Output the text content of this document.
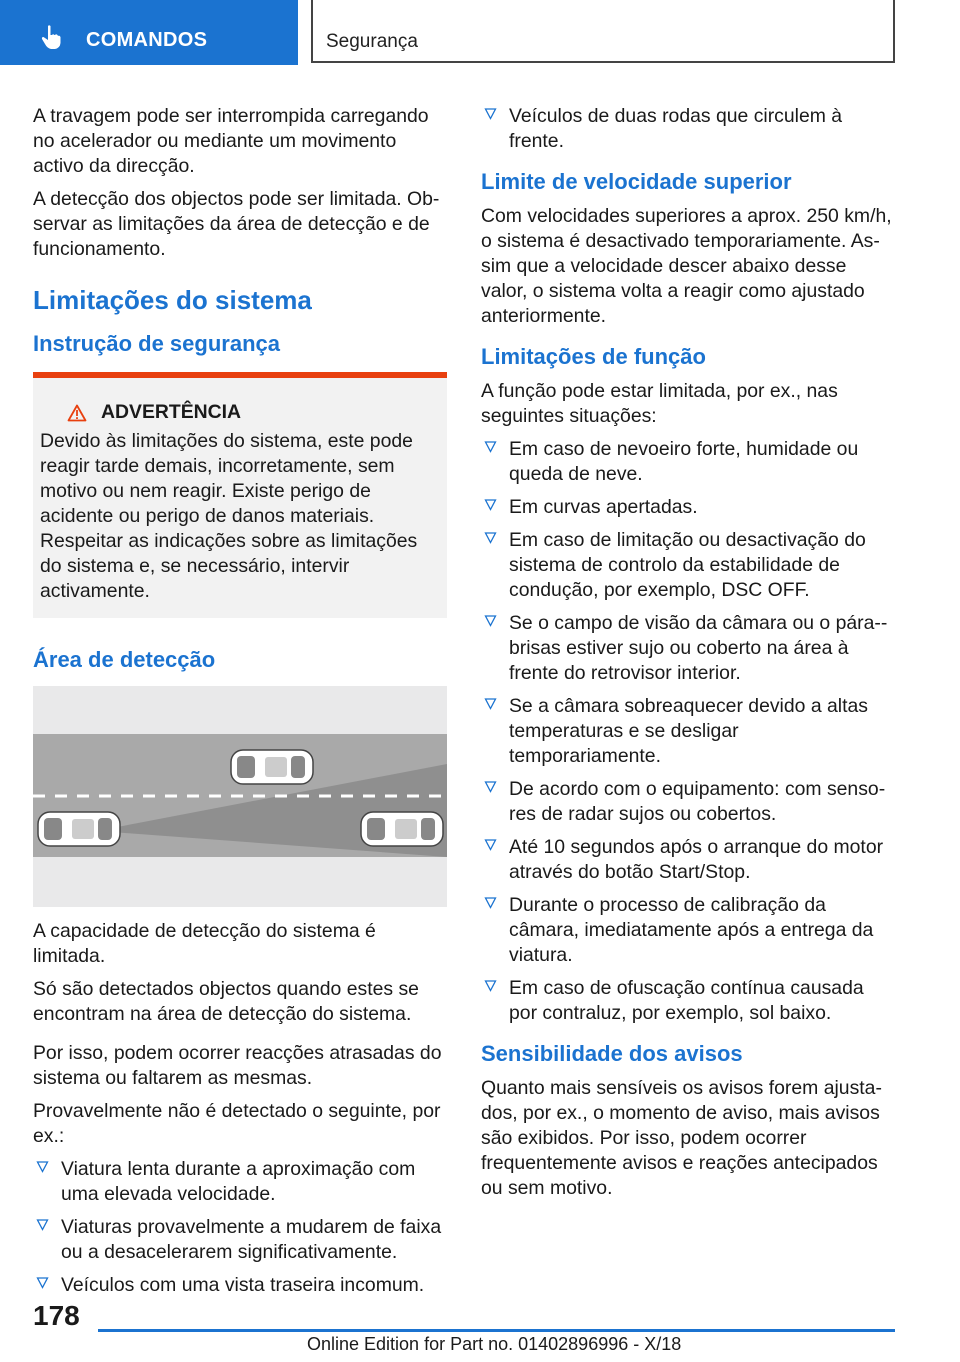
COMANDOS	Segurança

A travagem pode ser interrompida carregando no acelerador ou mediante um movimento activo da direcção.

A detecção dos objectos pode ser limitada. Observar as limitações da área de detecção e de funcionamento.

Limitações do sistema
Instrução de segurança
ADVERTÊNCIA
Devido às limitações do sistema, este pode reagir tarde demais, incorretamente, sem motivo ou nem reagir. Existe perigo de acidente ou perigo de danos materiais. Respeitar as indicações sobre as limitações do sistema e, se necessário, intervir activamente.
Área de detecção

A capacidade de detecção do sistema é limitada.

Só são detectados objectos quando estes se encontram na área de detecção do sistema.

Por isso, podem ocorrer reacções atrasadas do sistema ou faltarem as mesmas.

Provavelmente não é detectado o seguinte, por ex.:

Viatura lenta durante a aproximação com uma elevada velocidade.
Viaturas provavelmente a mudarem de faixa ou a desacelerarem significativamente.
Veículos com uma vista traseira incomum.
Veículos de duas rodas que circulem à frente.
Limite de velocidade superior

Com velocidades superiores a aprox. 250 km/h, o sistema é desactivado temporariamente. Assim que a velocidade descer abaixo desse valor, o sistema volta a reagir como ajustado anteriormente.

Limitações de função

A função pode estar limitada, por ex., nas seguintes situações:

Em caso de nevoeiro forte, humidade ou queda de neve.
Em curvas apertadas.
Em caso de limitação ou desactivação do sistema de controlo da estabilidade de condução, por exemplo, DSC OFF.
Se o campo de visão da câmara ou o pára-brisas estiver sujo ou coberto na área à frente do retrovisor interior.
Se a câmara sobreaquecer devido a altas temperaturas e se desligar temporariamente.
De acordo com o equipamento: com sensores de radar sujos ou cobertos.
Até 10 segundos após o arranque do motor através do botão Start/Stop.
Durante o processo de calibração da câmara, imediatamente após a entrega da viatura.
Em caso de ofuscação contínua causada por contraluz, por exemplo, sol baixo.
Sensibilidade dos avisos

Quanto mais sensíveis os avisos forem ajustados, por ex., o momento de aviso, mais avisos são exibidos. Por isso, podem ocorrer frequentemente avisos e reações antecipados ou sem motivo.

178
Online Edition for Part no. 01402896996 - X/18
